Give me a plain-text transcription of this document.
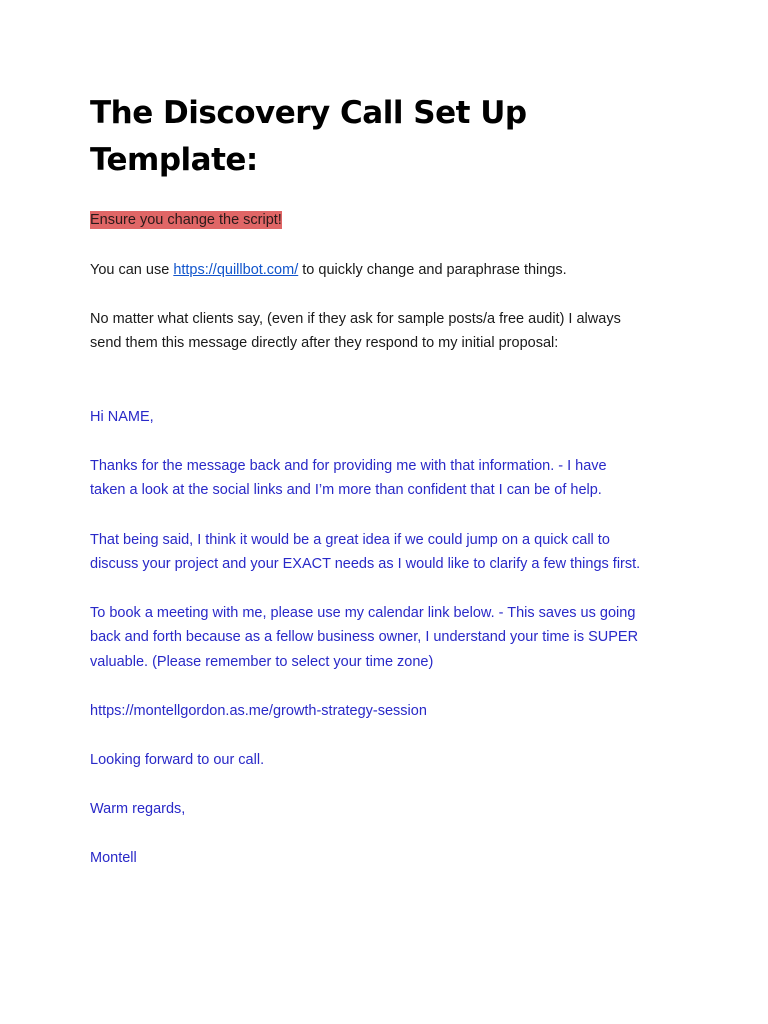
The Discovery Call Set Up
Template:
Ensure you change the script!
You can use https://quillbot.com/ to quickly change and paraphrase things.
No matter what clients say, (even if they ask for sample posts/a free audit) I always
send them this message directly after they respond to my initial proposal:
Hi NAME,
Thanks for the message back and for providing me with that information. - I have
taken a look at the social links and I’m more than confident that I can be of help.
That being said, I think it would be a great idea if we could jump on a quick call to
discuss your project and your EXACT needs as I would like to clarify a few things first.
To book a meeting with me, please use my calendar link below. - This saves us going
back and forth because as a fellow business owner, I understand your time is SUPER
valuable. (Please remember to select your time zone)
https://montellgordon.as.me/growth-strategy-session
Looking forward to our call.
Warm regards,
Montell
